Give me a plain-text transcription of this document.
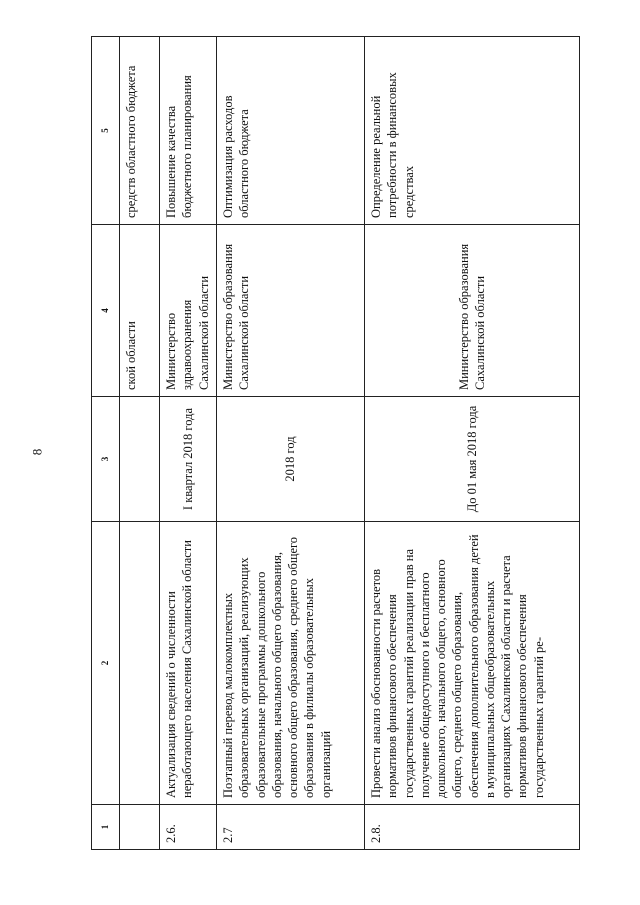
8
1	2	3	4	5
			ской области	средств областного бюджета
2.6.	Актуализация сведений о численности неработающего населения Сахалинской области	I квартал 2018 года	Министерство здравоохранения Сахалинской области	Повышение качества бюджетного планирования
2.7	Поэтапный перевод малокомплектных образовательных организаций, реализующих образовательные программы дошкольного образования, начального общего образования, основного общего образования, среднего общего образования в филиалы образовательных организаций	2018 год	Министерство образования Сахалинской области	Оптимизация расходов областного бюджета
2.8.	Провести анализ обоснованности расчетов нормативов финансового обеспечения государственных гарантий реализации прав на получение общедоступного и бесплатного дошкольного, начального общего, основного общего, среднего общего образования, обеспечения дополнительного образования детей в муниципальных общеобразовательных организациях Сахалинской области и расчета нормативов финансового обеспечения государственных гарантий ре-	До 01 мая 2018 года	Министерство образования Сахалинской области	Определение реальной потребности в финансовых средствах
